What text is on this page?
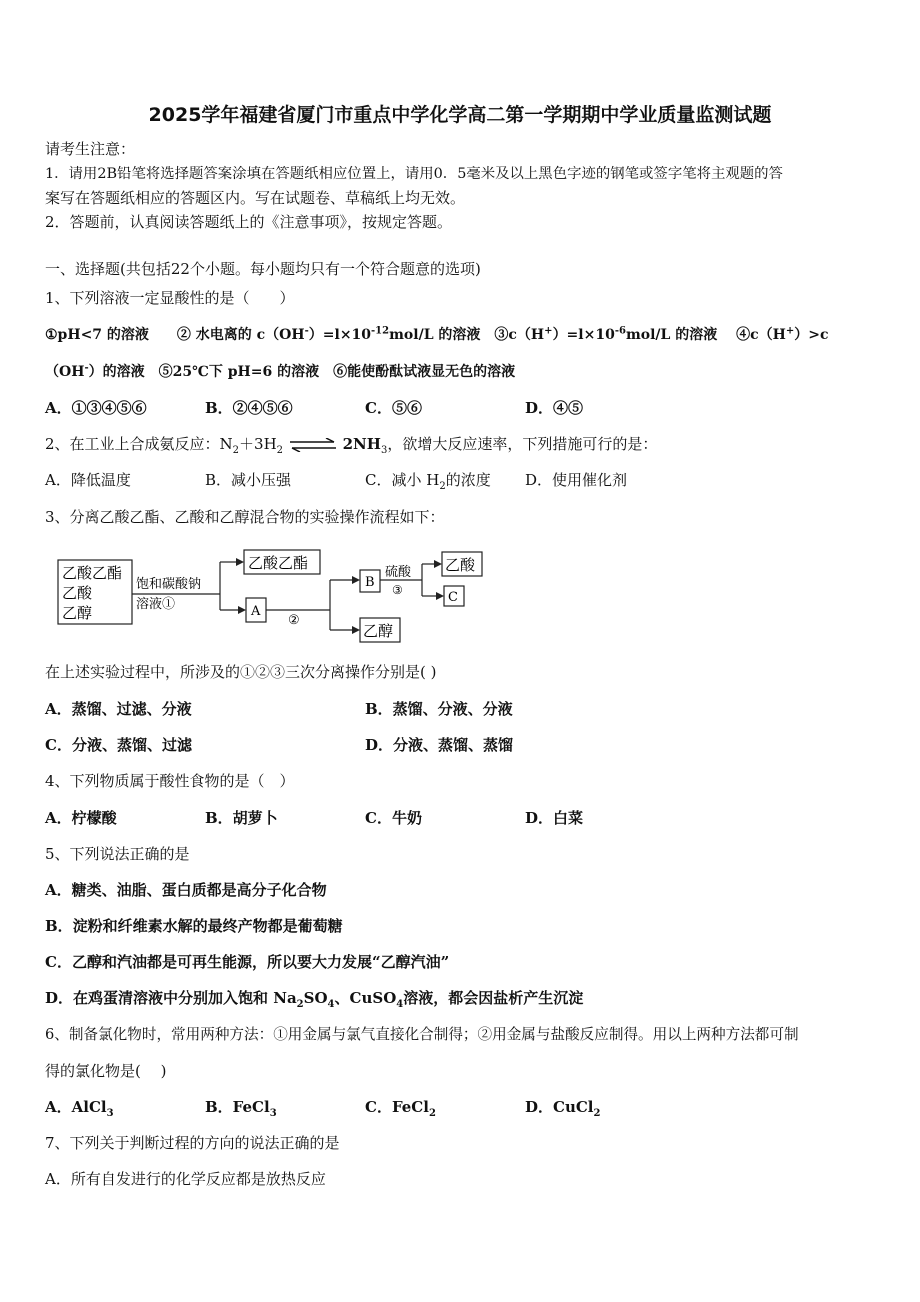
2025学年福建省厦门市重点中学化学高二第一学期期中学业质量监测试题
请考生注意：
1．请用2B铅笔将选择题答案涂填在答题纸相应位置上，请用0．5毫米及以上黑色字迹的钢笔或签字笔将主观题的答
案写在答题纸相应的答题区内。写在试题卷、草稿纸上均无效。
2．答题前，认真阅读答题纸上的《注意事项》，按规定答题。
一、选择题(共包括22个小题。每小题均只有一个符合题意的选项)
1、下列溶液一定显酸性的是（　　）
①pH<7 的溶液　　② 水电离的 $c(OH^-)=l\times 10^{-12}mol/L$ 的溶液　$③c(H^+)=l\times 10^{-6}mol/L$ 的溶液　 ④c（H+）>c
（OH-）的溶液　⑤25℃下 pH=6 的溶液　⑥能使酚酞试液显无色的溶液
A．①③④⑤⑥	B．②④⑤⑥	C．⑤⑥	D．④⑤
2、在工业上合成氨反应：$N_2+3H_2$ ⇌ $2NH_3$，欲增大反应速率，下列措施可行的是：
A．降低温度	B．减小压强	C．减小 $H_2$的浓度 D．使用催化剂
3、分离乙酸乙酯、乙酸和乙醇混合物的实验操作流程如下：
乙酸乙酯
乙酸
乙醇
饱和碳酸钠
溶液①
乙酸乙酯
A
②
B
乙醇
硫酸
③
乙酸
C
在上述实验过程中，所涉及的①②③三次分离操作分别是( )
A．蒸馏、过滤、分液	B．蒸馏、分液、分液
C．分液、蒸馏、过滤	D．分液、蒸馏、蒸馏
4、下列物质属于酸性食物的是（　）
A．柠檬酸	B．胡萝卜	C．牛奶	D．白菜
5、下列说法正确的是
A．糖类、油脂、蛋白质都是高分子化合物
B．淀粉和纤维素水解的最终产物都是葡萄糖
C．乙醇和汽油都是可再生能源，所以要大力发展“乙醇汽油”
D．在鸡蛋清溶液中分别加入饱和 $Na_2SO_4$、CuSO$_4$溶液，都会因盐析产生沉淀
6、制备氯化物时，常用两种方法：①用金属与氯气直接化合制得；②用金属与盐酸反应制得。用以上两种方法都可制
得的氯化物是(　 )
A．AlCl$_3$	B．FeCl$_3$	C．FeCl$_2$	D．CuCl$_2$
7、下列关于判断过程的方向的说法正确的是
A．所有自发进行的化学反应都是放热反应
